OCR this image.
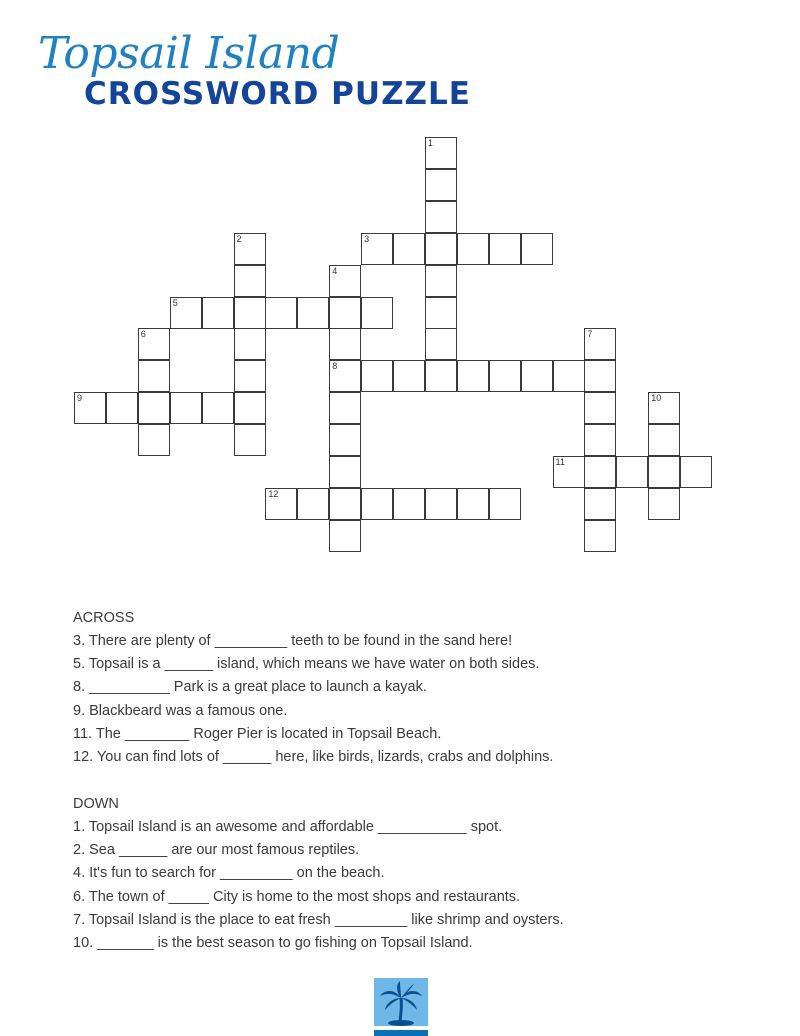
Topsail Island
CROSSWORD PUZZLE
1
2	3
4
8
5
6	7
9	10
11
12
ACROSS
3. There are plenty of _________ teeth to be found in the sand here!
5. Topsail is a ______ island, which means we have water on both sides.
8. __________ Park is a great place to launch a kayak.
9. Blackbeard was a famous one.
11. The ________ Roger Pier is located in Topsail Beach.
12. You can find lots of ______ here, like birds, lizards, crabs and dolphins.
DOWN
1. Topsail Island is an awesome and affordable ___________ spot.
2. Sea ______ are our most famous reptiles.
4. It's fun to search for _________ on the beach.
6. The town of _____ City is home to the most shops and restaurants.
7. Topsail Island is the place to eat fresh _________ like shrimp and oysters.
10. _______ is the best season to go fishing on Topsail Island.
